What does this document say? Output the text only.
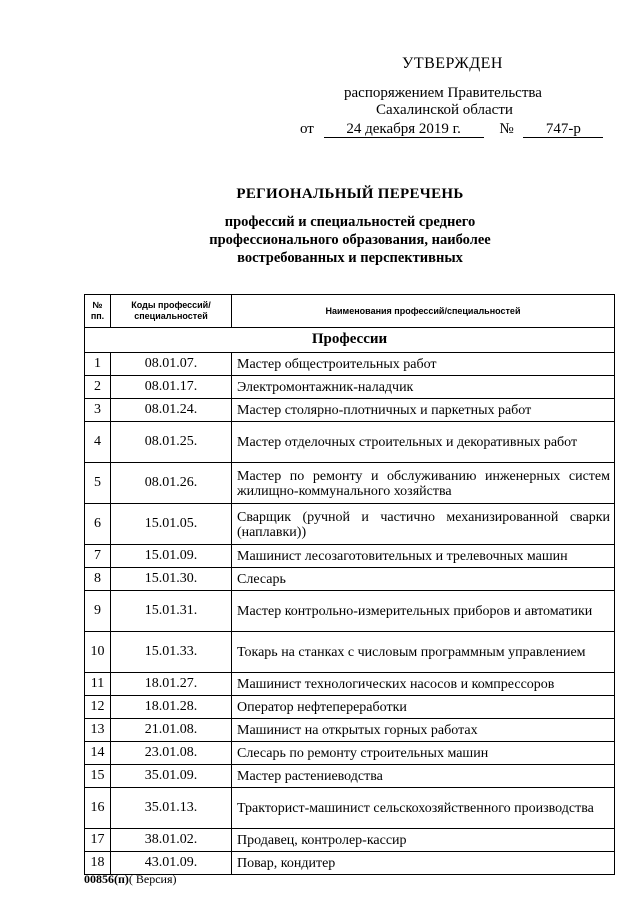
УТВЕРЖДЕН
распоряжением Правительства
Сахалинской области
от 24 декабря 2019 г.	№ 747-р
РЕГИОНАЛЬНЫЙ ПЕРЕЧЕНЬ
профессий и специальностей среднего
профессионального образования, наиболее
востребованных и перспективных
№ пп.	Коды профессий/ специальностей	Наименования профессий/специальностей
Профессии		
1	08.01.07.	Мастер общестроительных работ
2	08.01.17.	Электромонтажник-наладчик
3	08.01.24.	Мастер столярно-плотничных и паркетных работ
4	08.01.25.	Мастер отделочных строительных и декоративных работ
5	08.01.26.	Мастер по ремонту и обслуживанию инженерных систем жилищно-коммунального хозяйства
6	15.01.05.	Сварщик (ручной и частично механизированной сварки (наплавки))
7	15.01.09.	Машинист лесозаготовительных и трелевочных машин
8	15.01.30.	Слесарь
9	15.01.31.	Мастер контрольно-измерительных приборов и автоматики
10	15.01.33.	Токарь на станках с числовым программным управлением
11	18.01.27.	Машинист технологических насосов и компрессоров
12	18.01.28.	Оператор нефтепереработки
13	21.01.08.	Машинист на открытых горных работах
14	23.01.08.	Слесарь по ремонту строительных машин
15	35.01.09.	Мастер растениеводства
16	35.01.13.	Тракторист-машинист сельскохозяйственного производства
17	38.01.02.	Продавец, контролер-кассир
18	43.01.09.	Повар, кондитер
00856(п)( Версия)
